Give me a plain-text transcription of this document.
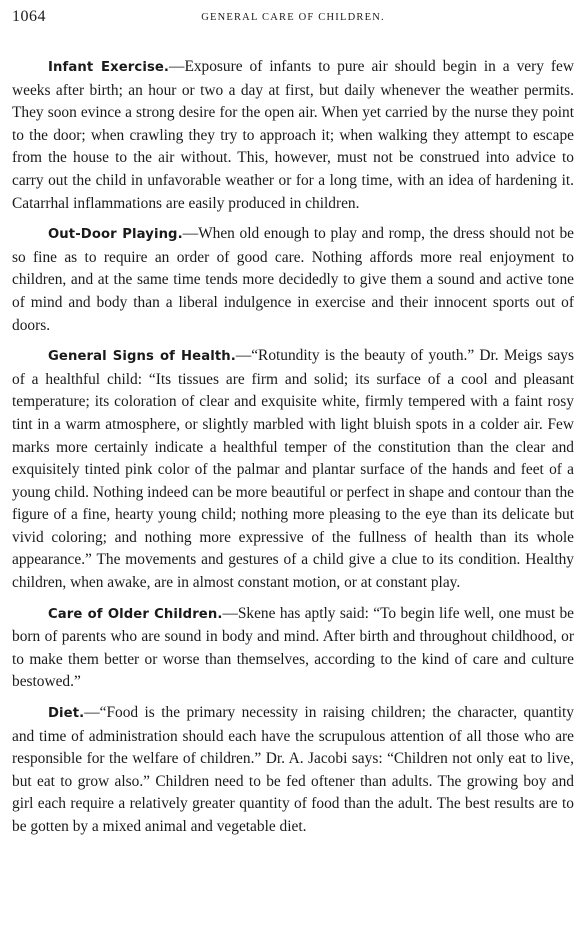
1064	GENERAL CARE OF CHILDREN.

Infant Exercise.—Exposure of infants to pure air should begin in a very few weeks after birth; an hour or two a day at first, but daily whenever the weather permits. They soon evince a strong desire for the open air. When yet carried by the nurse they point to the door; when crawling they try to approach it; when walking they attempt to escape from the house to the air without. This, however, must not be construed into advice to carry out the child in unfavorable weather or for a long time, with an idea of hardening it. Catarrhal inflammations are easily produced in children.

Out-Door Playing.—When old enough to play and romp, the dress should not be so fine as to require an order of good care. Nothing affords more real enjoyment to children, and at the same time tends more decidedly to give them a sound and active tone of mind and body than a liberal indulgence in exercise and their innocent sports out of doors.

General Signs of Health.—“Rotundity is the beauty of youth.” Dr. Meigs says of a healthful child: “Its tissues are firm and solid; its surface of a cool and pleasant temperature; its coloration of clear and exquisite white, firmly tempered with a faint rosy tint in a warm atmosphere, or slightly marbled with light bluish spots in a colder air. Few marks more certainly indicate a healthful temper of the constitution than the clear and exquisitely tinted pink color of the palmar and plantar surface of the hands and feet of a young child. Nothing indeed can be more beautiful or perfect in shape and contour than the figure of a fine, hearty young child; nothing more pleasing to the eye than its delicate but vivid coloring; and nothing more expressive of the fullness of health than its whole appearance.” The movements and gestures of a child give a clue to its condition. Healthy children, when awake, are in almost constant motion, or at constant play.

Care of Older Children.—Skene has aptly said: “To begin life well, one must be born of parents who are sound in body and mind. After birth and throughout childhood, or to make them better or worse than themselves, according to the kind of care and culture bestowed.”

Diet.—“Food is the primary necessity in raising children; the character, quantity and time of administration should each have the scrupulous attention of all those who are responsible for the welfare of children.” Dr. A. Jacobi says: “Children not only eat to live, but eat to grow also.” Children need to be fed oftener than adults. The growing boy and girl each require a relatively greater quantity of food than the adult. The best results are to be gotten by a mixed animal and vegetable diet.
